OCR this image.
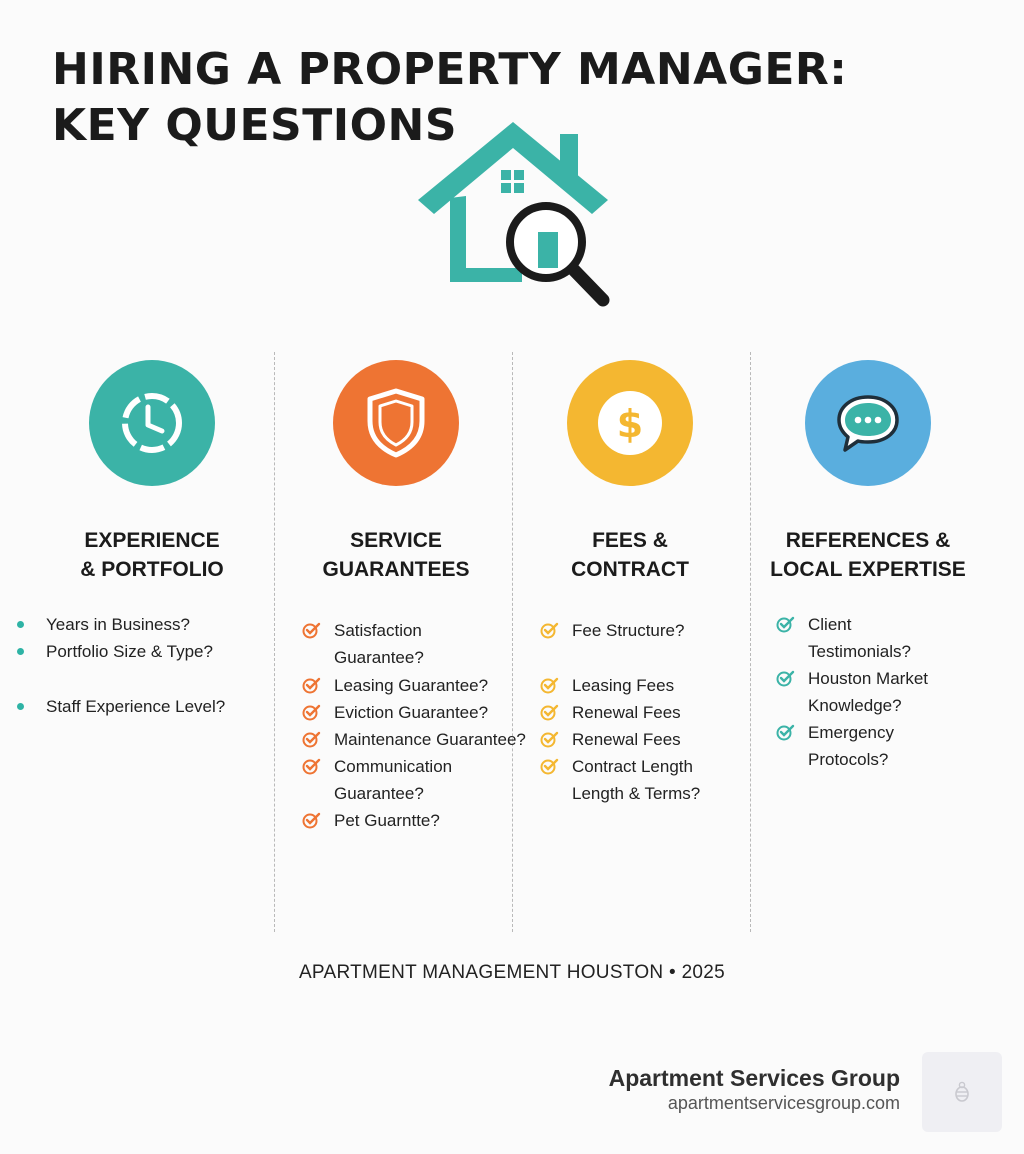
HIRING A PROPERTY MANAGER: KEY QUESTIONS
EXPERIENCE
& PORTFOLIO
Years in Business?
Portfolio Size & Type?
Staff Experience Level?
SERVICE
GUARANTEES
Satisfaction
Guarantee?
Leasing Guarantee?
Eviction Guarantee?
Maintenance Guarantee?
Communication
Guarantee?
Pet Guarntte?
$
FEES &
CONTRACT
Fee Structure?
Leasing Fees
Renewal Fees
Renewal Fees
Contract Length
Length & Terms?
REFERENCES &
LOCAL EXPERTISE
Client
Testimonials?
Houston Market
Knowledge?
Emergency
Protocols?
APARTMENT MANAGEMENT HOUSTON • 2025
Apartment Services Group
apartmentservicesgroup.com
